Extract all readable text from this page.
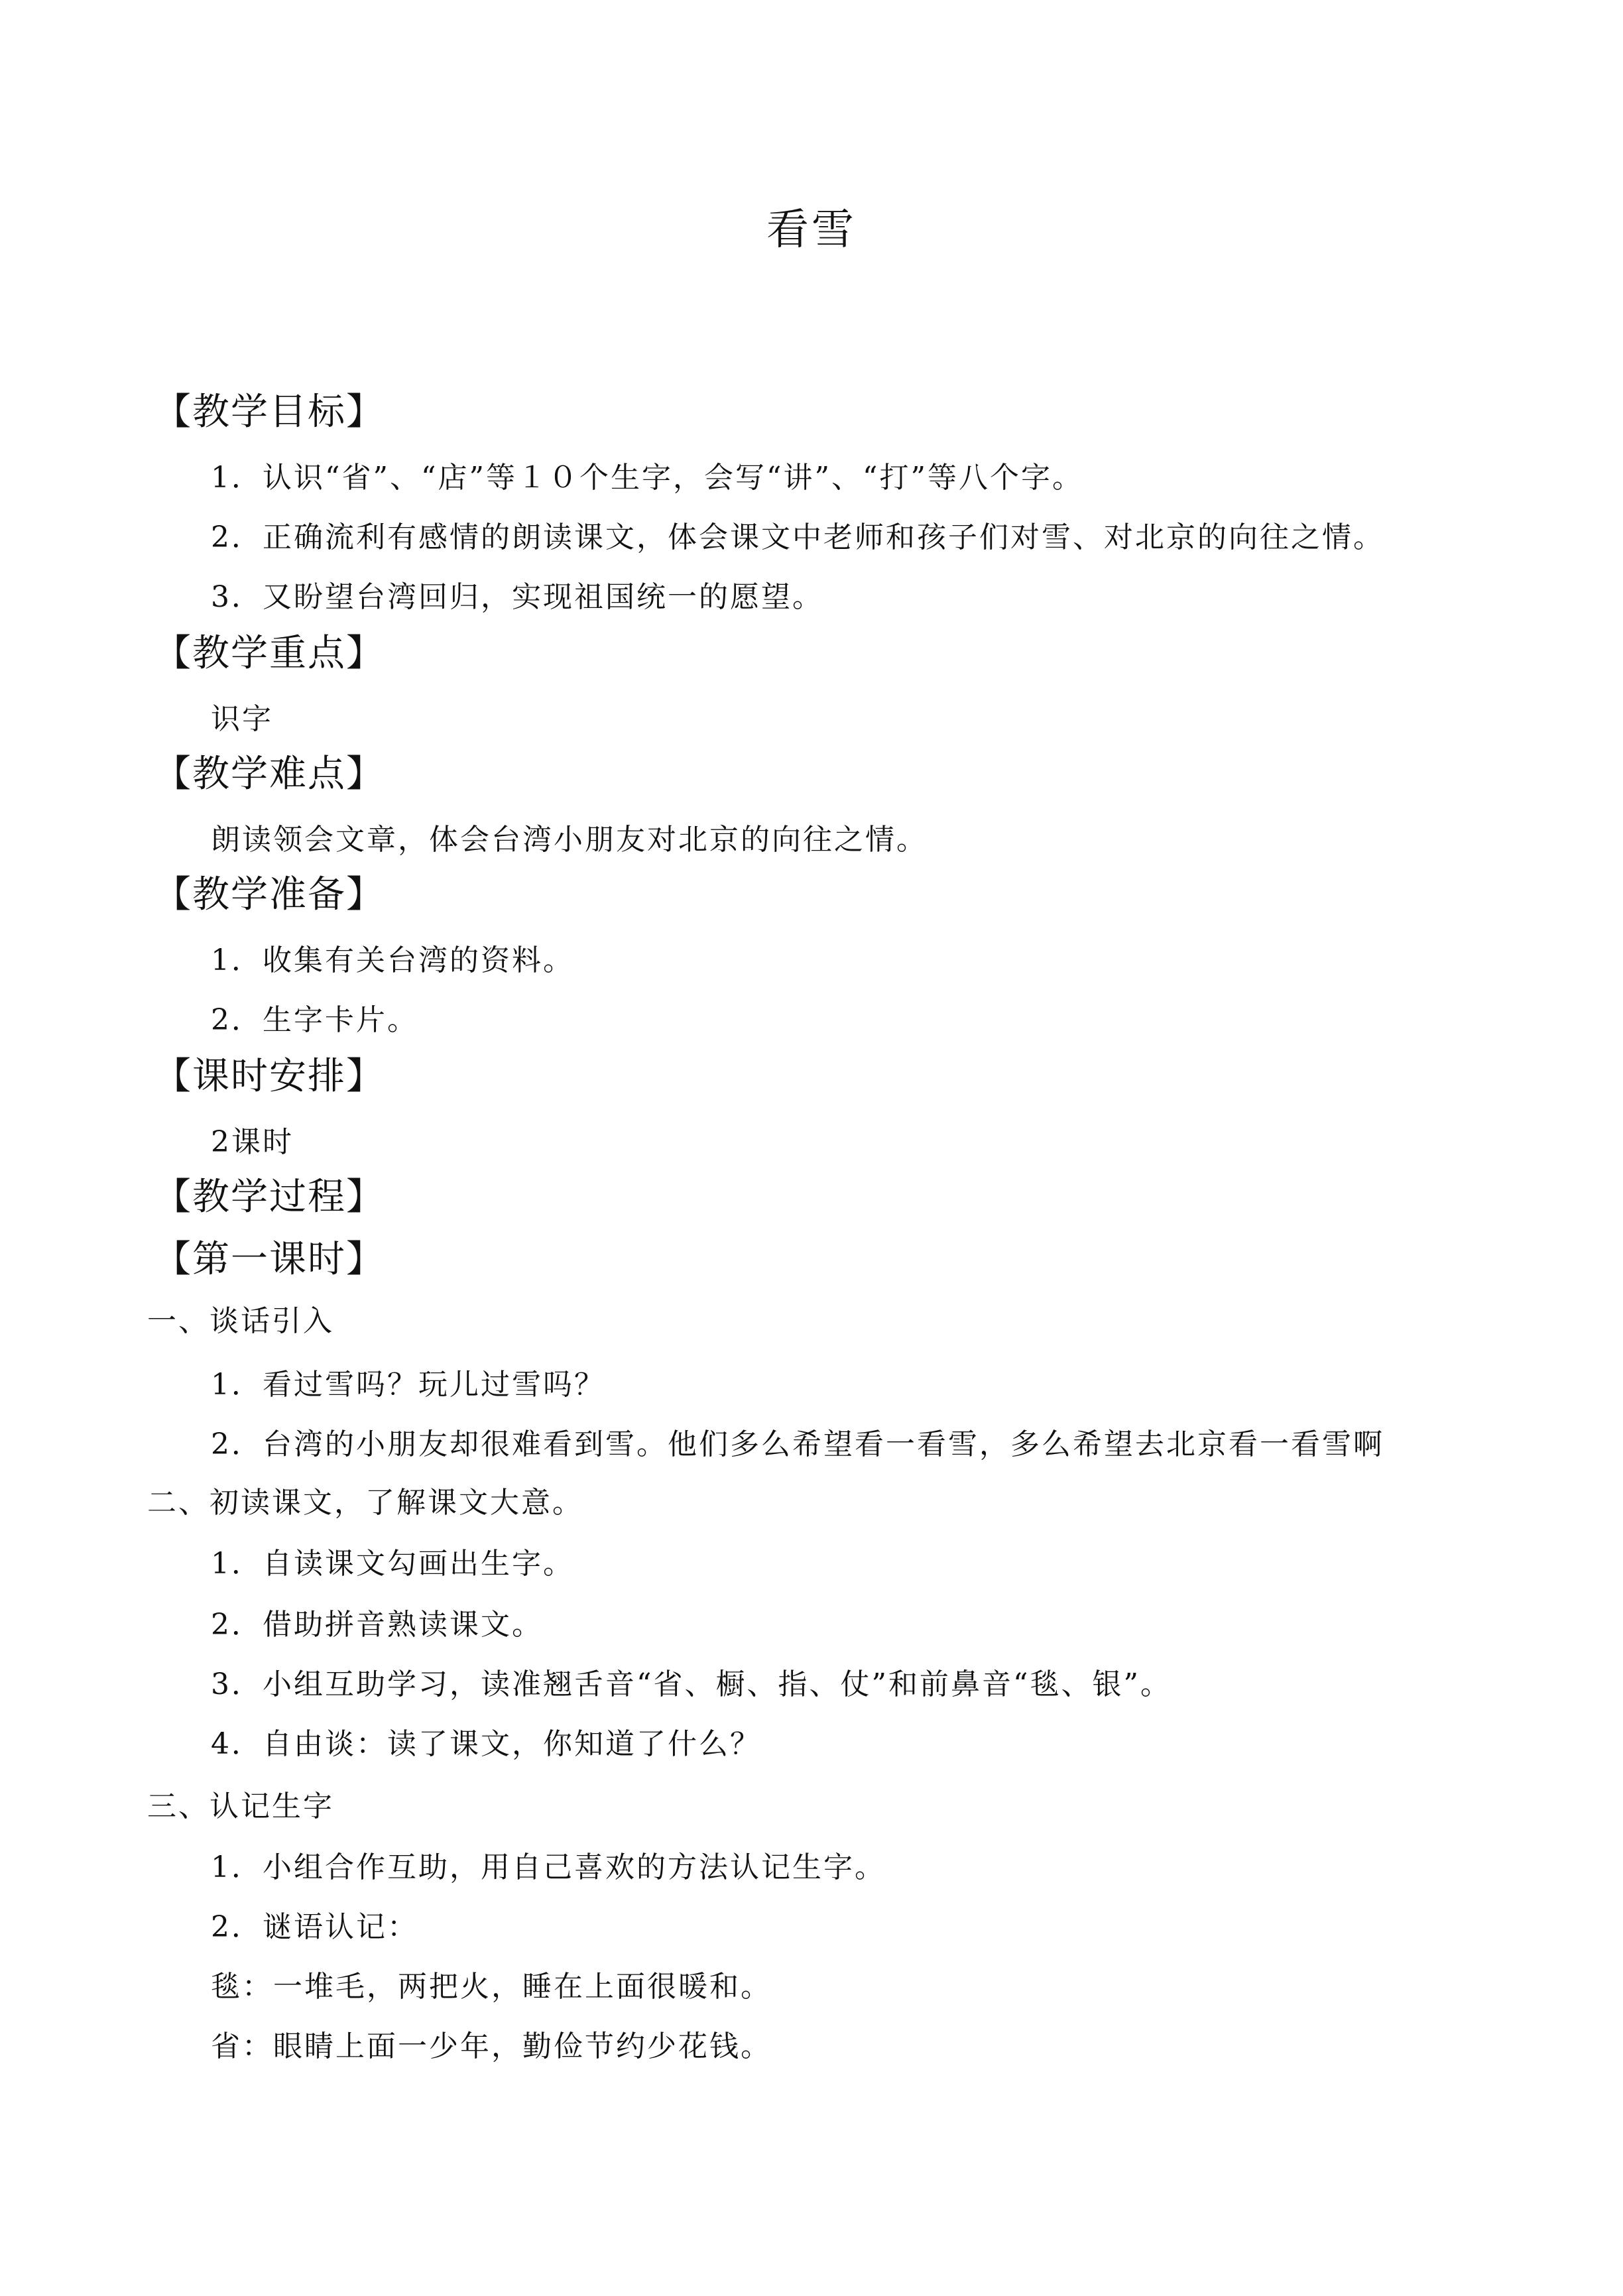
看雪
【教学目标】
1．认识“省”、“店”等１０个生字，会写“讲”、“打”等八个字。
2．正确流利有感情的朗读课文，体会课文中老师和孩子们对雪、对北京的向往之情。
3．又盼望台湾回归，实现祖国统一的愿望。
【教学重点】
识字
【教学难点】
朗读领会文章，体会台湾小朋友对北京的向往之情。
【教学准备】
1．收集有关台湾的资料。
2．生字卡片。
【课时安排】
2课时
【教学过程】
【第一课时】
一、谈话引入
1．看过雪吗？玩儿过雪吗？
2．台湾的小朋友却很难看到雪。他们多么希望看一看雪，多么希望去北京看一看雪啊
二、初读课文，了解课文大意。
1．自读课文勾画出生字。
2．借助拼音熟读课文。
3．小组互助学习，读准翘舌音“省、橱、指、仗”和前鼻音“毯、银”。
4．自由谈：读了课文，你知道了什么？
三、认记生字
1．小组合作互助，用自己喜欢的方法认记生字。
2．谜语认记：
毯：一堆毛，两把火，睡在上面很暖和。
省：眼睛上面一少年，勤俭节约少花钱。
